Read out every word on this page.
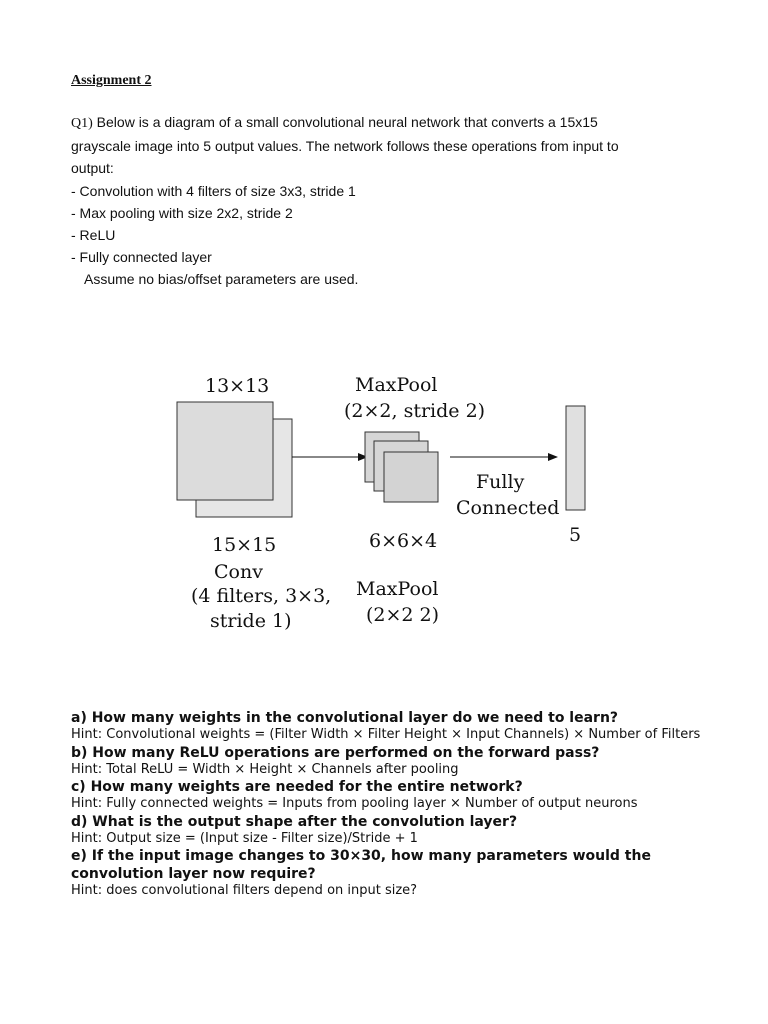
Assignment 2
Q1) Below is a diagram of a small convolutional neural network that converts a 15x15
grayscale image into 5 output values. The network follows these operations from input to
output:
- Convolution with 4 filters of size 3x3, stride 1
- Max pooling with size 2x2, stride 2
- ReLU
- Fully connected layer
Assume no bias/offset parameters are used.
13×13	MaxPool
(2×2, stride 2)
Fully
Connected
15×15
Conv
(4 filters, 3×3,
stride 1)
6×6×4
MaxPool
(2×2 2)
5

a) How many weights in the convolutional layer do we need to learn?

Hint: Convolutional weights = (Filter Width × Filter Height × Input Channels) × Number of Filters

b) How many ReLU operations are performed on the forward pass?

Hint: Total ReLU = Width × Height × Channels after pooling

c) How many weights are needed for the entire network?

Hint: Fully connected weights = Inputs from pooling layer × Number of output neurons

d) What is the output shape after the convolution layer?

Hint: Output size = (Input size - Filter size)/Stride + 1

e) If the input image changes to 30×30, how many parameters would the convolution layer now require?

Hint: does convolutional filters depend on input size?
